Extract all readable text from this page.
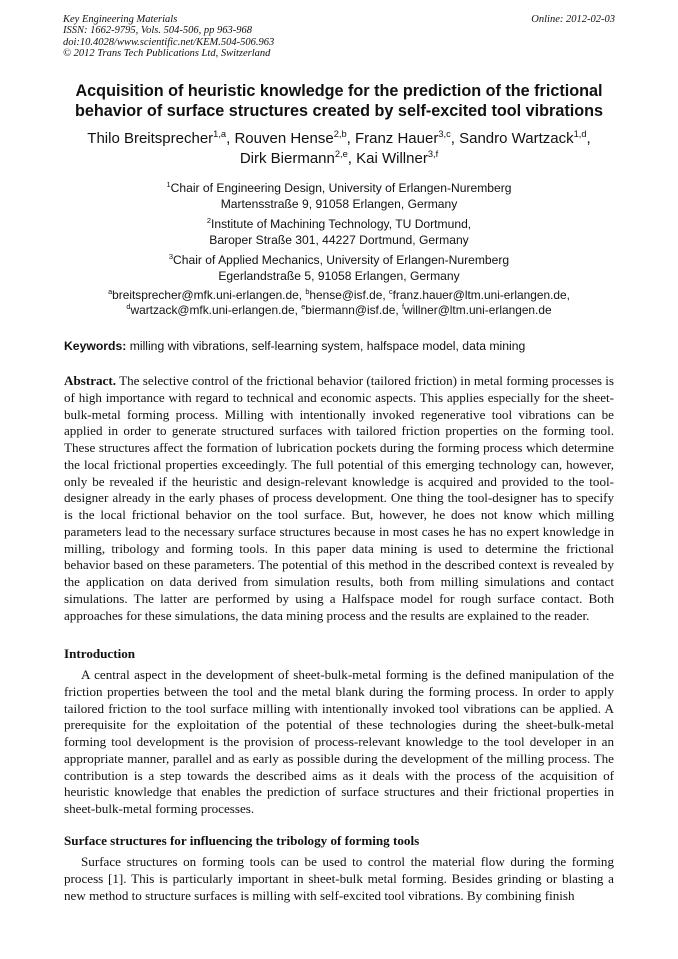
Key Engineering Materials
ISSN: 1662-9795, Vols. 504-506, pp 963-968
doi:10.4028/www.scientific.net/KEM.504-506.963
© 2012 Trans Tech Publications Ltd, Switzerland
Online: 2012-02-03
Acquisition of heuristic knowledge for the prediction of the frictional behavior of surface structures created by self-excited tool vibrations
Thilo Breitsprecher$^{1,a}$, Rouven Hense$^{2,b}$, Franz Hauer$^{3,c}$, Sandro Wartzack$^{1,d}$,
Dirk Biermann$^{2,e}$, Kai Willner$^{3,f}$
$^1$Chair of Engineering Design, University of Erlangen-Nuremberg
Martensstraße 9, 91058 Erlangen, Germany
$^2$Institute of Machining Technology, TU Dortmund,
Baroper Straße 301, 44227 Dortmund, Germany
$^3$Chair of Applied Mechanics, University of Erlangen-Nuremberg
Egerlandstraße 5, 91058 Erlangen, Germany
$^a$breitsprecher@mfk.uni-erlangen.de, $^b$hense@isf.de, $^c$franz.hauer@ltm.uni-erlangen.de,
$^d$wartzack@mfk.uni-erlangen.de, $^e$biermann@isf.de, $^f$willner@ltm.uni-erlangen.de
Keywords: milling with vibrations, self-learning system, halfspace model, data mining
Abstract. The selective control of the frictional behavior (tailored friction) in metal forming processes is of high importance with regard to technical and economic aspects. This applies especially for the sheet-bulk-metal forming process. Milling with intentionally invoked regenerative tool vibrations can be applied in order to generate structured surfaces with tailored friction properties on the forming tool. These structures affect the formation of lubrication pockets during the forming process which determine the local frictional properties exceedingly. The full potential of this emerging technology can, however, only be revealed if the heuristic and design-relevant knowledge is acquired and provided to the tool-designer already in the early phases of process development. One thing the tool-designer has to specify is the local frictional behavior on the tool surface. But, however, he does not know which milling parameters lead to the necessary surface structures because in most cases he has no expert knowledge in milling, tribology and forming tools. In this paper data mining is used to determine the frictional behavior based on these parameters. The potential of this method in the described context is revealed by the application on data derived from simulation results, both from milling simulations and contact simulations. The latter are performed by using a Halfspace model for rough surface contact. Both approaches for these simulations, the data mining process and the results are explained to the reader.
Introduction
A central aspect in the development of sheet-bulk-metal forming is the defined manipulation of the friction properties between the tool and the metal blank during the forming process. In order to apply tailored friction to the tool surface milling with intentionally invoked tool vibrations can be applied. A prerequisite for the exploitation of the potential of these technologies during the sheet-bulk-metal forming tool development is the provision of process-relevant knowledge to the tool developer in an appropriate manner, parallel and as early as possible during the development of the milling process. The contribution is a step towards the described aims as it deals with the process of the acquisition of heuristic knowledge that enables the prediction of surface structures and their frictional properties in sheet-bulk-metal forming processes.
Surface structures for influencing the tribology of forming tools
Surface structures on forming tools can be used to control the material flow during the forming process [1]. This is particularly important in sheet-bulk metal forming. Besides grinding or blasting a new method to structure surfaces is milling with self-excited tool vibrations. By combining finish
